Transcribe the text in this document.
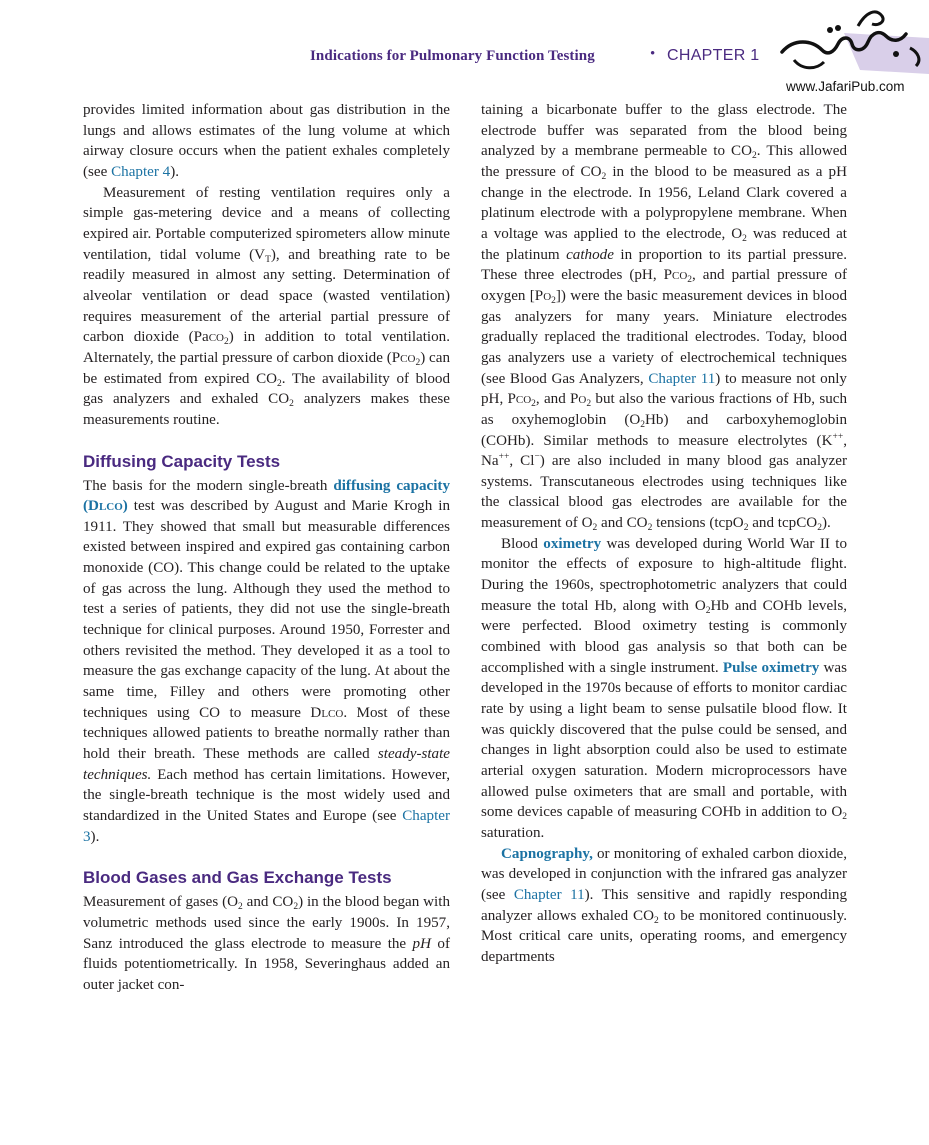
Indications for Pulmonary Function Testing	• CHAPTER 1
www.JafariPub.com

provides limited information about gas distribution in the lungs and allows estimates of the lung volume at which airway closure occurs when the patient exhales completely (see Chapter 4).

Measurement of resting ventilation requires only a simple gas-metering device and a means of collecting expired air. Portable computerized spirometers allow minute ventilation, tidal volume $(V_T)$, and breathing rate to be readily measured in almost any setting. Determination of alveolar ventilation or dead space (wasted ventilation) requires measurement of the arterial partial pressure of carbon dioxide (Paco$_2$) in addition to total ventilation. Alternately, the partial pressure of carbon dioxide (Pco$_2$) can be estimated from expired $CO_2$. The availability of blood gas analyzers and exhaled $CO_2$ analyzers makes these measurements routine.

Diffusing Capacity Tests

The basis for the modern single-breath diffusing capacity (Dlco) test was described by August and Marie Krogh in 1911. They showed that small but measurable differences existed between inspired and expired gas containing carbon monoxide (CO). This change could be related to the uptake of gas across the lung. Although they used the method to test a series of patients, they did not use the single-breath technique for clinical purposes. Around 1950, Forrester and others revisited the method. They developed it as a tool to measure the gas exchange capacity of the lung. At about the same time, Filley and others were promoting other techniques using CO to measure Dlco. Most of these techniques allowed patients to breathe normally rather than hold their breath. These methods are called steady-state techniques. Each method has certain limitations. However, the single-breath technique is the most widely used and standardized in the United States and Europe (see Chapter 3).

Blood Gases and Gas Exchange Tests

Measurement of gases ($O_2$ and $CO_2$) in the blood began with volumetric methods used since the early 1900s. In 1957, Sanz introduced the glass electrode to measure the pH of fluids potentiometrically. In 1958, Severinghaus added an outer jacket con-

taining a bicarbonate buffer to the glass electrode. The electrode buffer was separated from the blood being analyzed by a membrane permeable to $CO_2$. This allowed the pressure of $CO_2$ in the blood to be measured as a pH change in the electrode. In 1956, Leland Clark covered a platinum electrode with a polypropylene membrane. When a voltage was applied to the electrode, $O_2$ was reduced at the platinum cathode in proportion to its partial pressure. These three electrodes (pH, Pco$_2$, and partial pressure of oxygen $[Po_2]$) were the basic measurement devices in blood gas analyzers for many years. Miniature electrodes gradually replaced the traditional electrodes. Today, blood gas analyzers use a variety of electrochemical techniques (see Blood Gas Analyzers, Chapter 11) to measure not only pH, Pco$_2$, and $Po_2$ but also the various fractions of Hb, such as oxyhemoglobin $(O_2Hb)$ and carboxyhemoglobin (COHb). Similar methods to measure electrolytes (K++, Na++, Cl−) are also included in many blood gas analyzer systems. Transcutaneous electrodes using techniques like the classical blood gas electrodes are available for the measurement of $O_2$ and $CO_2$ tensions (tcpO$_2$ and tcpCO$_2$).

Blood oximetry was developed during World War II to monitor the effects of exposure to high-altitude flight. During the 1960s, spectrophotometric analyzers that could measure the total Hb, along with $O_2Hb$ and COHb levels, were perfected. Blood oximetry testing is commonly combined with blood gas analysis so that both can be accomplished with a single instrument. Pulse oximetry was developed in the 1970s because of efforts to monitor cardiac rate by using a light beam to sense pulsatile blood flow. It was quickly discovered that the pulse could be sensed, and changes in light absorption could also be used to estimate arterial oxygen saturation. Modern microprocessors have allowed pulse oximeters that are small and portable, with some devices capable of measuring COHb in addition to $O_2$ saturation.

Capnography, or monitoring of exhaled carbon dioxide, was developed in conjunction with the infrared gas analyzer (see Chapter 11). This sensitive and rapidly responding analyzer allows exhaled $CO_2$ to be monitored continuously. Most critical care units, operating rooms, and emergency departments
